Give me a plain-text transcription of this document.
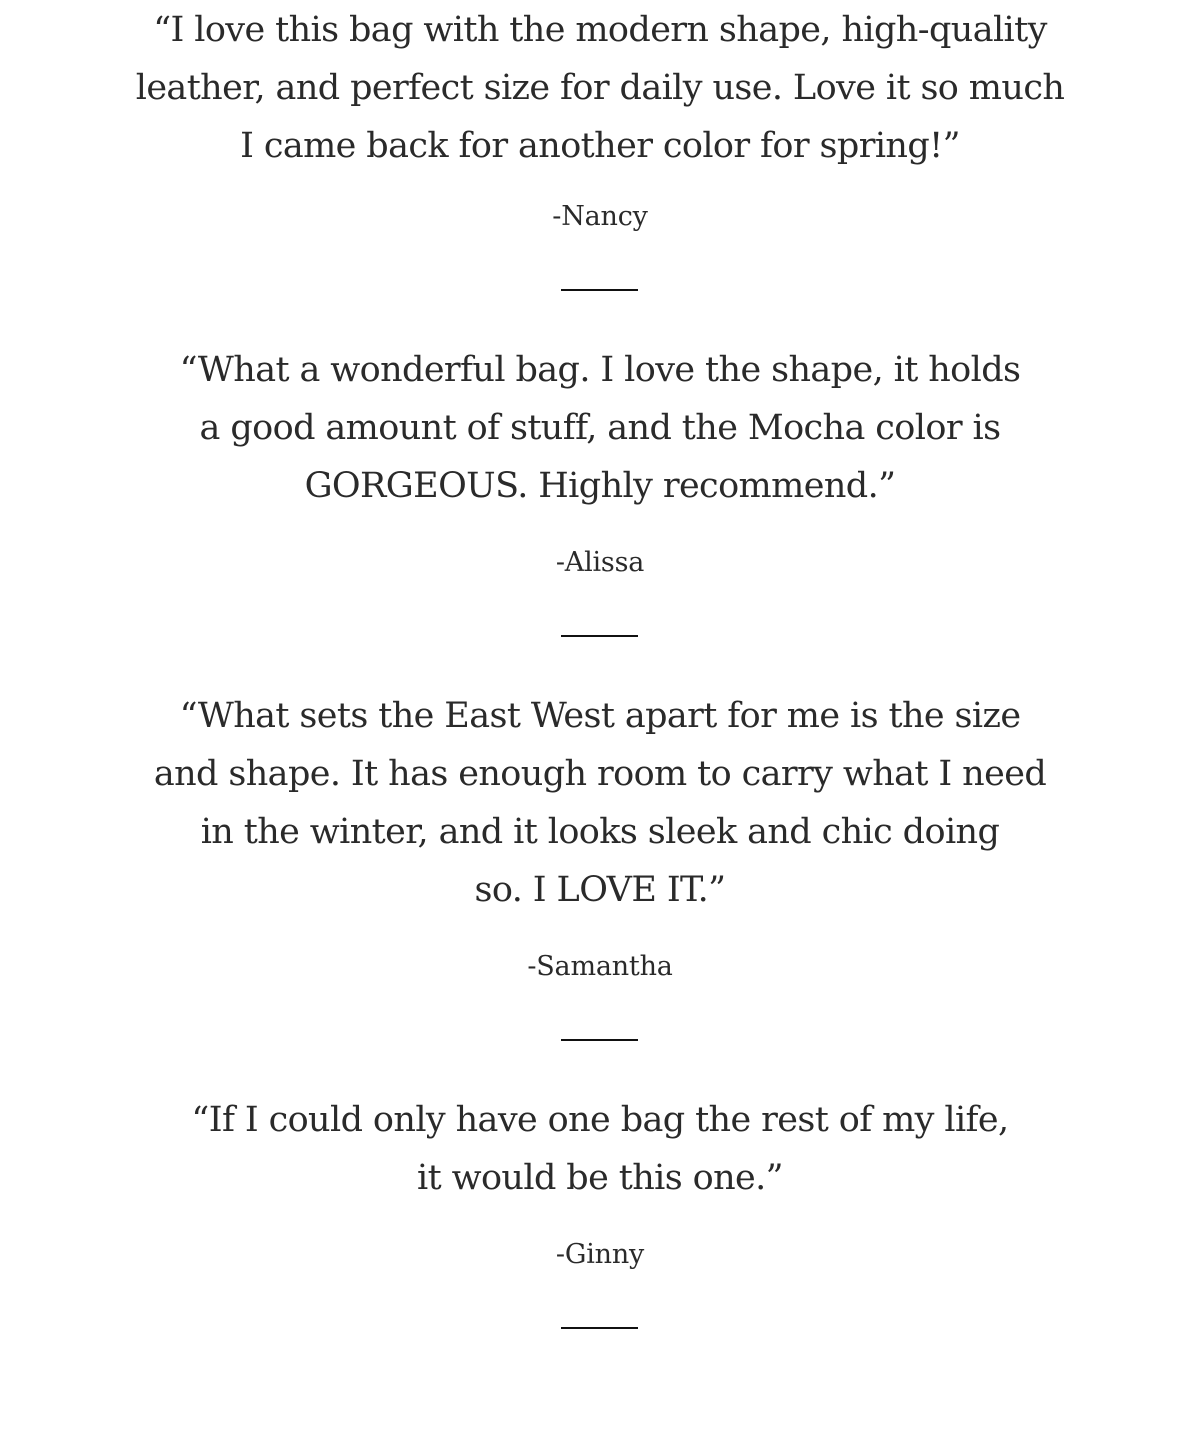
“I love this bag with the modern shape, high-quality
leather, and perfect size for daily use. Love it so much
I came back for another color for spring!”

-Nancy

“What a wonderful bag. I love the shape, it holds
a good amount of stuff, and the Mocha color is
GORGEOUS. Highly recommend.”

-Alissa

“What sets the East West apart for me is the size
and shape. It has enough room to carry what I need
in the winter, and it looks sleek and chic doing
so. I LOVE IT.”

-Samantha

“If I could only have one bag the rest of my life,
it would be this one.”

-Ginny
